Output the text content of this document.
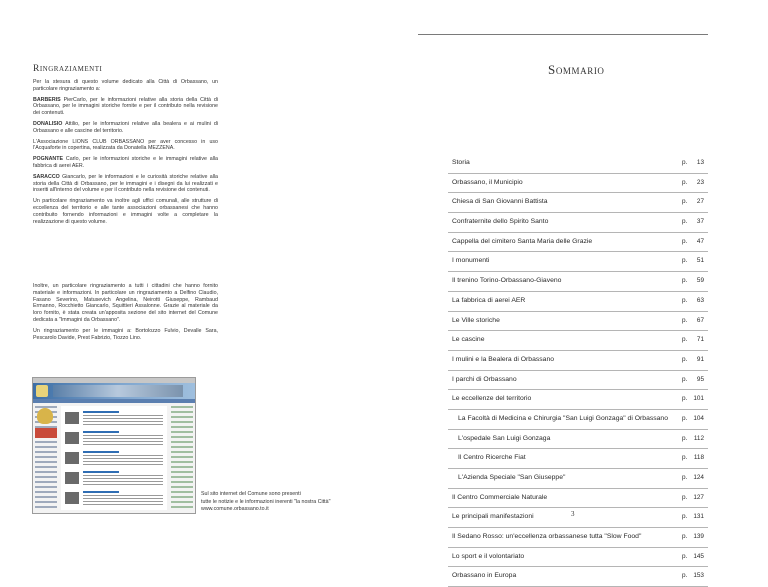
Ringraziamenti

Per la stesura di questo volume dedicato alla Città di Orbassano, un particolare ringraziamento a:

BARBERIS PierCarlo, per le informazioni relative alla storia della Città di Orbassano, per le immagini storiche fornite e per il contributo nella revisione dei contenuti.

DONALISIO Attilio, per le informazioni relative alla bealera e ai mulini di Orbassano e alle cascine del territorio.

L'Associazione LIONS CLUB ORBASSANO per aver concesso in uso l'Acquaforte in copertina, realizzata da Donatella MEZZENA.

POGNANTE Carlo, per le informazioni storiche e le immagini relative alla fabbrica di aerei AER.

SARACCO Giancarlo, per le informazioni e le curiosità storiche relative alla storia della Città di Orbassano, per le immagini e i disegni da lui realizzati e inseriti all'interno del volume e per il contributo nella revisione dei contenuti.

Un particolare ringraziamento va inoltre agli uffici comunali, alle strutture di eccellenza del territorio e alle tante associazioni orbassanesi che hanno contribuito fornendo informazioni e immagini volte a completare la realizzazione di questo volume.

Inoltre, un particolare ringraziamento a tutti i cittadini che hanno fornito materiale e informazioni. In particolare un ringraziamento a Delfino Claudio, Fasano Severino, Matusevich Angelina, Neirotti Giuseppe, Rambaud Ermanno, Rocchietto Giancarlo, Squittieri Assalonne. Grazie al materiale da loro fornito, è stata creata un'apposita sezione del sito internet del Comune dedicata a "Immagini da Orbassano".

Un ringraziamento per le immagini a: Bortolozzo Fulvio, Devalle Sara, Pescarolo Davide, Prest Fabrizio, Tiozzo Lino.

Sul sito internet del Comune sono presenti
tutte le notizie e le informazioni inerenti "la nostra Città"
www.comune.orbassano.to.it
Sommario
Storia	p. 13
Orbassano, il Municipio	p. 23
Chiesa di San Giovanni Battista	p. 27
Confraternite dello Spirito Santo	p. 37
Cappella del cimitero Santa Maria delle Grazie	p. 47
I monumenti	p. 51
Il trenino Torino-Orbassano-Giaveno	p. 59
La fabbrica di aerei AER	p. 63
Le Ville storiche	p. 67
Le cascine	p. 71
I mulini e la Bealera di Orbassano	p. 91
I parchi di Orbassano	p. 95
Le eccellenze del territorio	p. 101
La Facoltà di Medicina e Chirurgia "San Luigi Gonzaga" di Orbassano p. 104
L'ospedale San Luigi Gonzaga	p. 112
Il Centro Ricerche Fiat	p. 118
L'Azienda Speciale "San Giuseppe"	p. 124
Il Centro Commerciale Naturale	p. 127
Le principali manifestazioni	p. 131
Il Sedano Rosso: un'eccellenza orbassanese tutta "Slow Food"	p. 139
Lo sport e il volontariato	p. 145
Orbassano in Europa	p. 153
3
